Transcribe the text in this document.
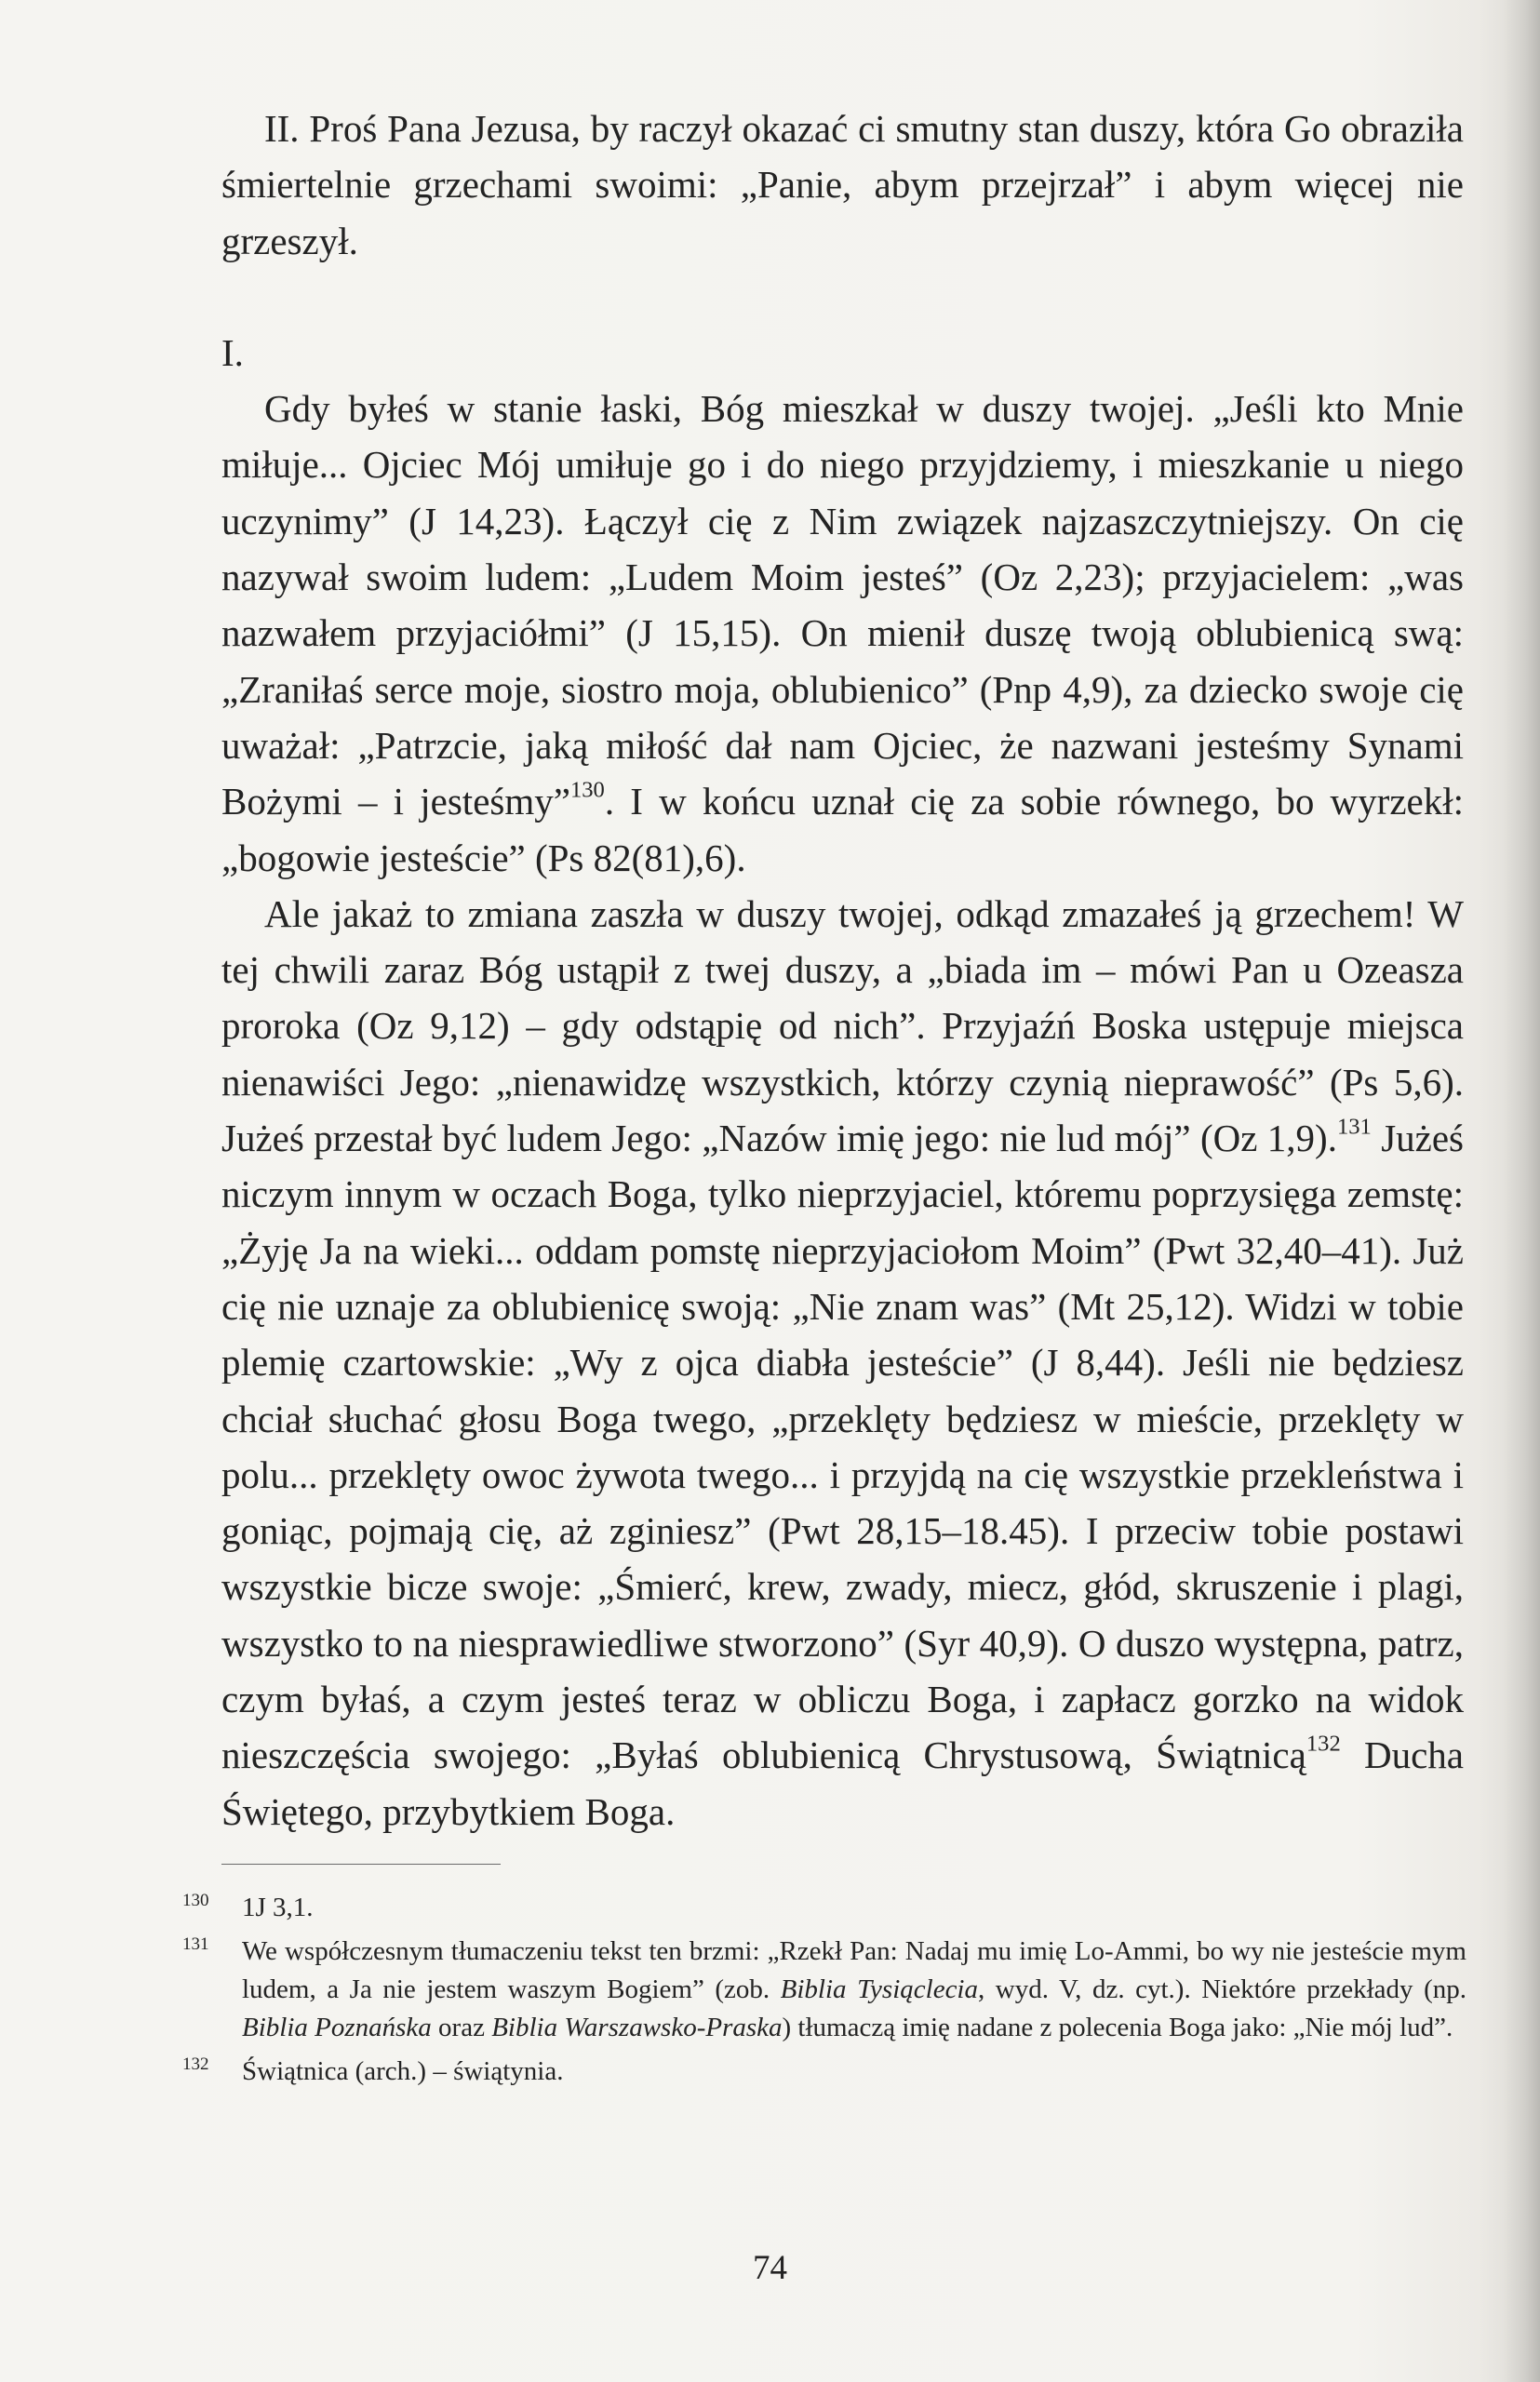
II. Proś Pana Jezusa, by raczył okazać ci smutny stan duszy, która Go obraziła śmiertelnie grzechami swoimi: „Panie, abym przejrzał” i abym więcej nie grzeszył.

I.

Gdy byłeś w stanie łaski, Bóg mieszkał w duszy twojej. „Jeśli kto Mnie miłuje... Ojciec Mój umiłuje go i do niego przyjdziemy, i mieszkanie u niego uczynimy” (J 14,23). Łączył cię z Nim związek najzaszczytniejszy. On cię nazywał swoim ludem: „Ludem Moim jesteś” (Oz 2,23); przyjacielem: „was nazwałem przyjaciółmi” (J 15,15). On mienił duszę twoją oblubienicą swą: „Zraniłaś serce moje, siostro moja, oblubienico” (Pnp 4,9), za dziecko swoje cię uważał: „Patrzcie, jaką miłość dał nam Ojciec, że nazwani jesteśmy Synami Bożymi – i jesteśmy”$^{130}$. I w końcu uznał cię za sobie równego, bo wyrzekł: „bogowie jesteście” (Ps 82(81),6).

Ale jakaż to zmiana zaszła w duszy twojej, odkąd zmazałeś ją grzechem! W tej chwili zaraz Bóg ustąpił z twej duszy, a „biada im – mówi Pan u Ozeasza proroka (Oz 9,12) – gdy odstąpię od nich”. Przyjaźń Boska ustępuje miejsca nienawiści Jego: „nienawidzę wszystkich, którzy czynią nieprawość” (Ps 5,6). Jużeś przestał być ludem Jego: „Nazów imię jego: nie lud mój” (Oz 1,9).$^{131}$ Jużeś niczym innym w oczach Boga, tylko nieprzyjaciel, któremu poprzysięga zemstę: „Żyję Ja na wieki... oddam pomstę nieprzyjaciołom Moim” (Pwt 32,40–41). Już cię nie uznaje za oblubienicę swoją: „Nie znam was” (Mt 25,12). Widzi w tobie plemię czartowskie: „Wy z ojca diabła jesteście” (J 8,44). Jeśli nie będziesz chciał słuchać głosu Boga twego, „przeklęty będziesz w mieście, przeklęty w polu... przeklęty owoc żywota twego... i przyjdą na cię wszystkie przekleństwa i goniąc, pojmają cię, aż zginiesz” (Pwt 28,15–18.45). I przeciw tobie postawi wszystkie bicze swoje: „Śmierć, krew, zwady, miecz, głód, skruszenie i plagi, wszystko to na niesprawiedliwe stworzono” (Syr 40,9). O duszo występna, patrz, czym byłaś, a czym jesteś teraz w obliczu Boga, i zapłacz gorzko na widok nieszczęścia swojego: „Byłaś oblubienicą Chrystusową, Świątnicą$^{132}$ Ducha Świętego, przybytkiem Boga.

130 1J 3,1.

131 We współczesnym tłumaczeniu tekst ten brzmi: „Rzekł Pan: Nadaj mu imię Lo-Ammi, bo wy nie jesteście mym ludem, a Ja nie jestem waszym Bogiem” (zob. Biblia Tysiąclecia, wyd. V, dz. cyt.). Niektóre przekłady (np. Biblia Poznańska oraz Biblia Warszawsko-Praska) tłumaczą imię nadane z polecenia Boga jako: „Nie mój lud”.

132 Świątnica (arch.) – świątynia.

74
